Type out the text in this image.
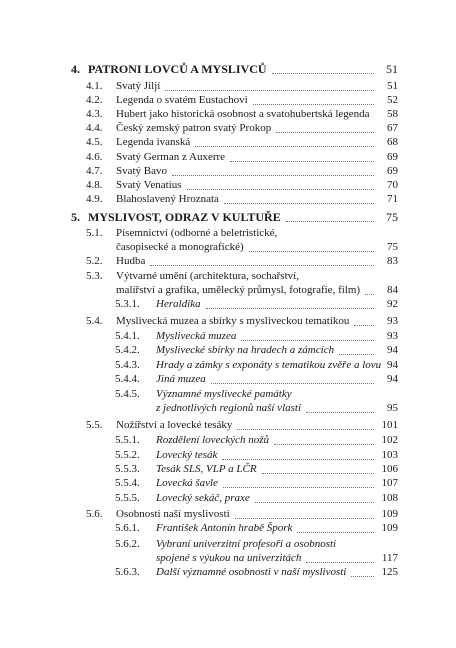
4. PATRONI LOVCŮ A MYSLIVCŮ	51
4.1. Svatý Jiljí	51
4.2. Legenda o svatém Eustachovi	52
4.3. Hubert jako historická osobnost a svatohubertská legenda	58
4.4. Český zemský patron svatý Prokop	67
4.5. Legenda ivanská	68
4.6. Svatý German z Auxerre	69
4.7. Svatý Bavo	69
4.8. Svatý Venatius	70
4.9. Blahoslavený Hroznata	71
5. MYSLIVOST, ODRAZ V KULTUŘE	75
5.1. Písemnictví (odborné a beletristické,
časopisecké a monografické)	75
5.2. Hudba	83
5.3. Výtvarné umění (architektura, sochařství,
malířství a grafika, umělecký průmysl, fotografie, film)	84
5.3.1. Heraldika	92
5.4. Myslivecká muzea a sbírky s mysliveckou tematikou	93
5.4.1. Myslivecká muzea	93
5.4.2. Myslivecké sbírky na hradech a zámcích	94
5.4.3. Hrady a zámky s exponáty s tematikou zvěře a lovu 94
5.4.4. Jiná muzea	94
5.4.5. Významné myslivecké památky
z jednotlivých regionů naší vlasti	95
5.5. Nožířství a lovecké tesáky	101
5.5.1. Rozdělení loveckých nožů	102
5.5.2. Lovecký tesák	103
5.5.3. Tesák SLS, VLP a LČR	106
5.5.4. Lovecká šavle	107
5.5.5. Lovecký sekáč, praxe	108
5.6. Osobnosti naší myslivosti	109
5.6.1. František Antonín hrabě Špork	109
5.6.2. Vybraní univerzitní profesoři a osobnosti
spojené s výukou na univerzitách	117
5.6.3. Další významné osobnosti v naší myslivosti	125
